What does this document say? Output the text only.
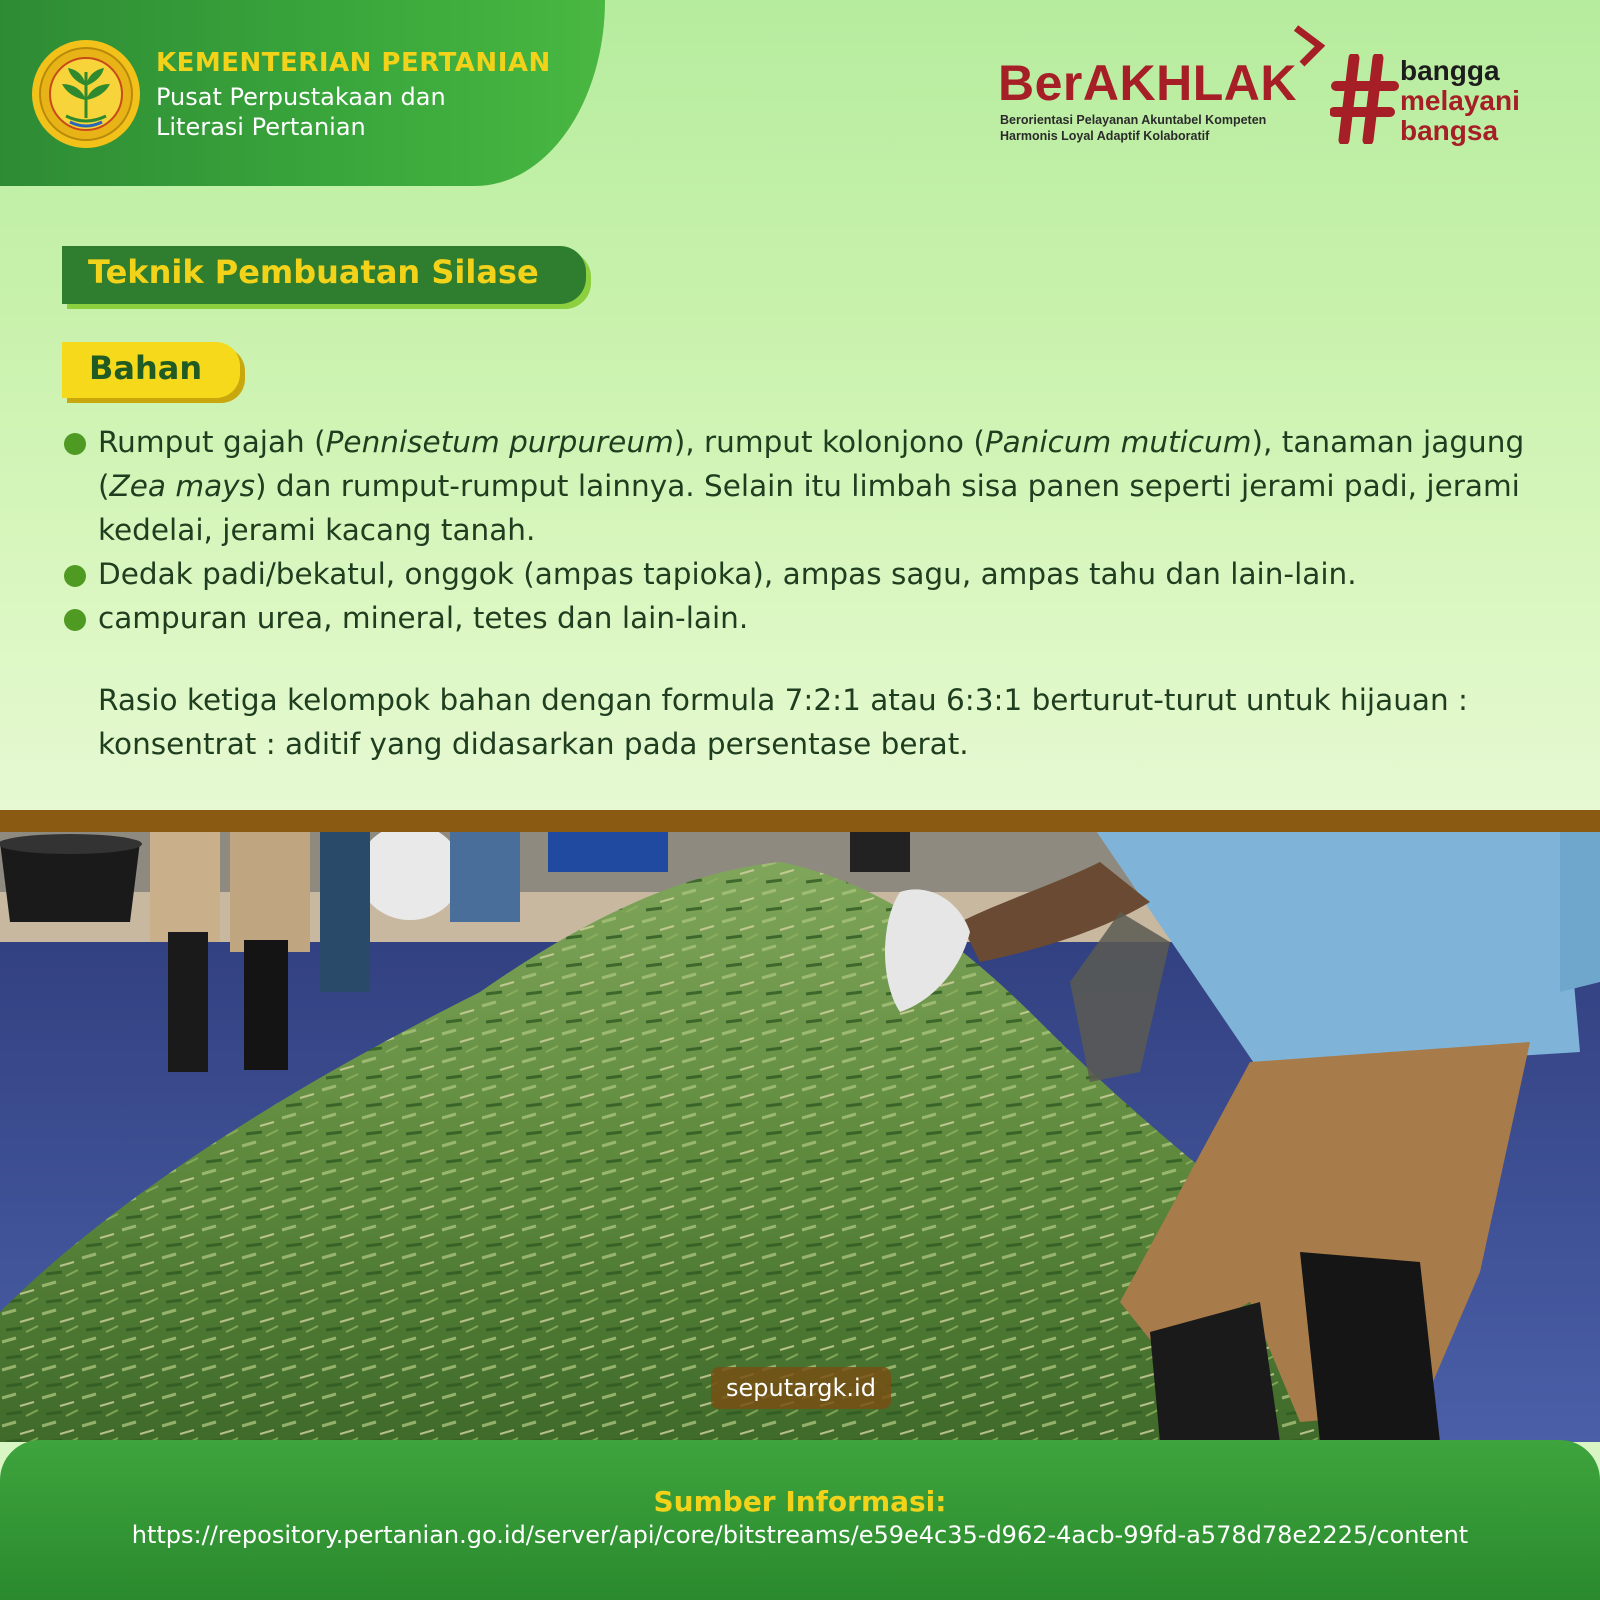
KEMENTERIAN PERTANIAN
Pusat Perpustakaan dan
Literasi Pertanian
BerAKHLAK
Berorientasi Pelayanan Akuntabel Kompeten
Harmonis Loyal Adaptif Kolaboratif
bangga
melayani
bangsa
Teknik Pembuatan Silase
Bahan
Rumput gajah (Pennisetum purpureum), rumput kolonjono (Panicum muticum), tanaman jagung (Zea mays) dan rumput-rumput lainnya. Selain itu limbah sisa panen seperti jerami padi, jerami kedelai, jerami kacang tanah.
Dedak padi/bekatul, onggok (ampas tapioka), ampas sagu, ampas tahu dan lain-lain.
campuran urea, mineral, tetes dan lain-lain.
Rasio ketiga kelompok bahan dengan formula 7:2:1 atau 6:3:1 berturut-turut untuk hijauan : konsentrat : aditif yang didasarkan pada persentase berat.
seputargk.id
Sumber Informasi:
https://repository.pertanian.go.id/server/api/core/bitstreams/e59e4c35-d962-4acb-99fd-a578d78e2225/content
